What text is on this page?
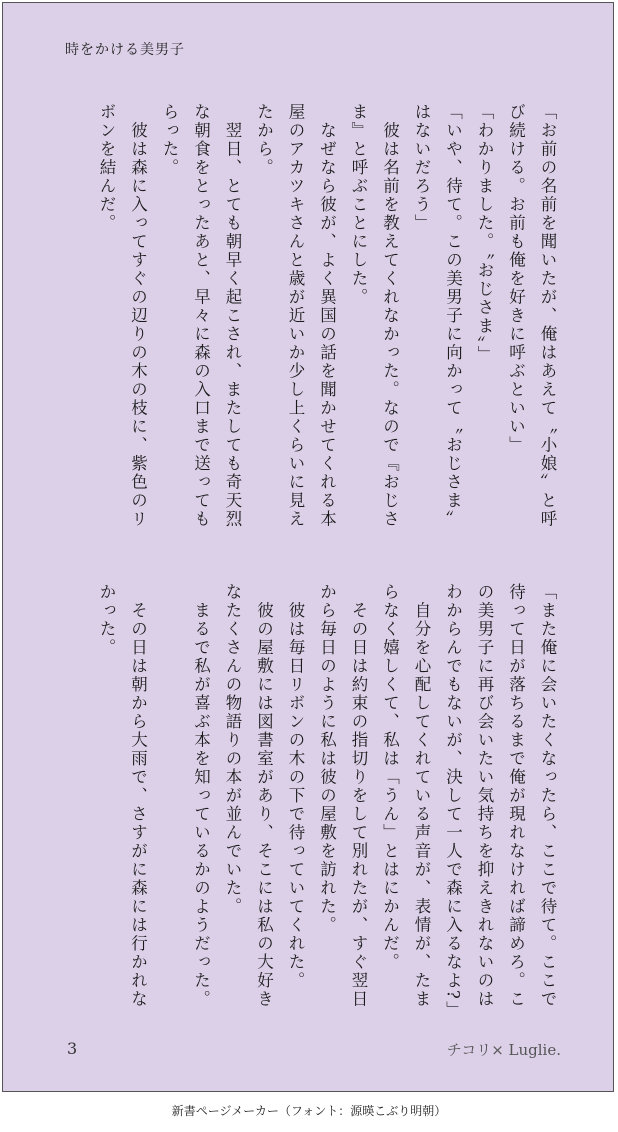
時をかける美男子

「お前の名前を聞いたが、俺はあえて〝小娘〟と呼び続ける。お前も俺を好きに呼ぶといい」

「わかりました。〝おじさま〟」

「いや、待て。この美男子に向かって〝おじさま〟はないだろう」

　彼は名前を教えてくれなかった。なので『おじさま』と呼ぶことにした。

　なぜなら彼が、よく異国の話を聞かせてくれる本屋のアカツキさんと歳が近いか少し上くらいに見えたから。

　翌日、とても朝早く起こされ、またしても奇天烈な朝食をとったあと、早々に森の入口まで送ってもらった。

　彼は森に入ってすぐの辺りの木の枝に、紫色のリボンを結んだ。

「また俺に会いたくなったら、ここで待て。ここで待って日が落ちるまで俺が現れなければ諦めろ。この美男子に再び会いたい気持ちを抑えきれないのはわからんでもないが、決して一人で森に入るなよ?」

　自分を心配してくれている声音が、表情が、たまらなく嬉しくて、私は「うん」とはにかんだ。

　その日は約束の指切りをして別れたが、すぐ翌日から毎日のように私は彼の屋敷を訪れた。

　彼は毎日リボンの木の下で待っていてくれた。

　彼の屋敷には図書室があり、そこには私の大好きなたくさんの物語りの本が並んでいた。

　まるで私が喜ぶ本を知っているかのようだった。

　その日は朝から大雨で、さすがに森には行かれなかった。

3	チコリ× Luglie.
新書ページメーカー（フォント：源暎こぶり明朝）
